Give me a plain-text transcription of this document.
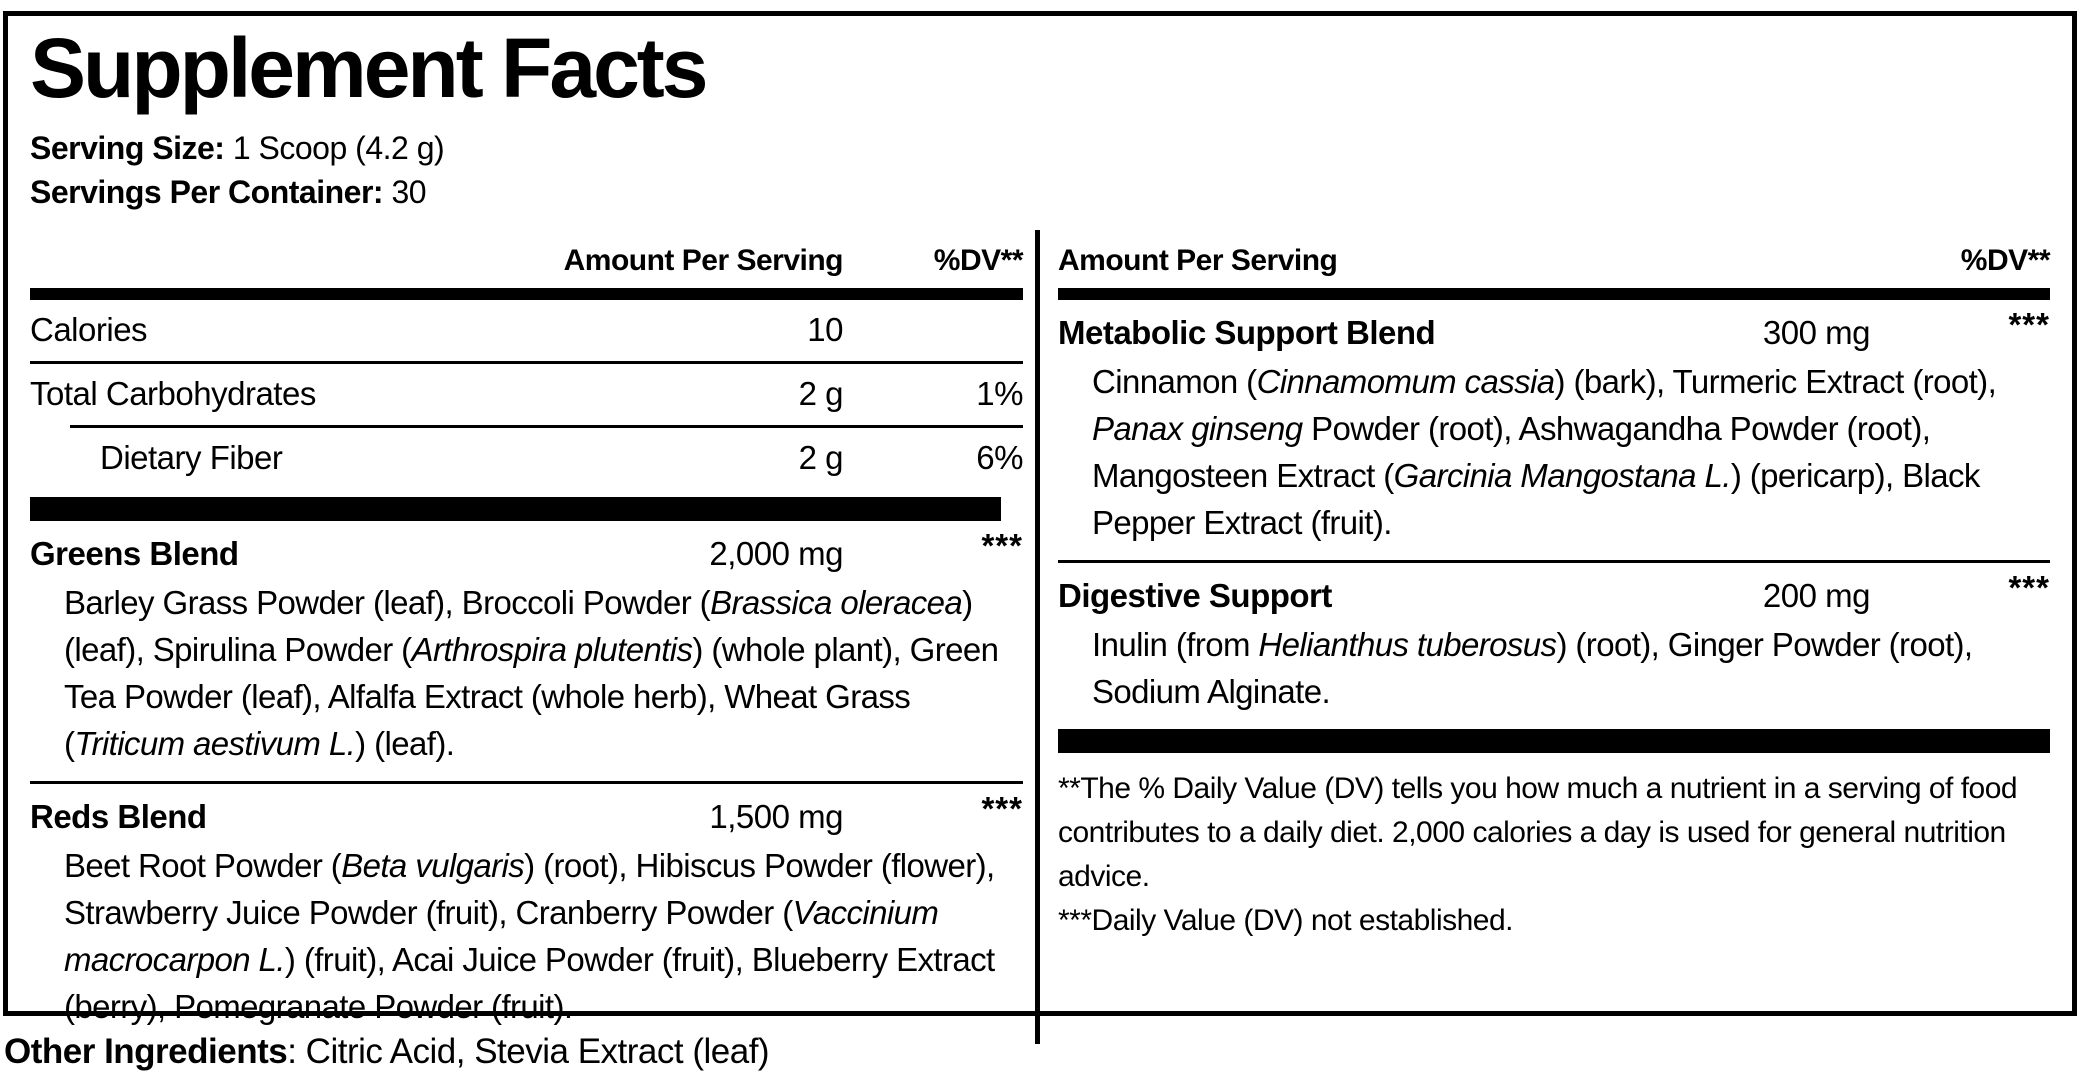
Supplement Facts
Serving Size: 1 Scoop (4.2 g)
Servings Per Container: 30
Amount Per Serving	%DV**
Calories	10
Total Carbohydrates	2 g	1%
Dietary Fiber	2 g	6%
Greens Blend	2,000 mg	***
Barley Grass Powder (leaf), Broccoli Powder (Brassica oleracea) (leaf), Spirulina Powder (Arthrospira plutentis) (whole plant), Green Tea Powder (leaf), Alfalfa Extract (whole herb), Wheat Grass (Triticum aestivum L.) (leaf).
Reds Blend	1,500 mg	***
Beet Root Powder (Beta vulgaris) (root), Hibiscus Powder (flower), Strawberry Juice Powder (fruit), Cranberry Powder (Vaccinium macrocarpon L.) (fruit), Acai Juice Powder (fruit), Blueberry Extract (berry), Pomegranate Powder (fruit).
Amount Per Serving	%DV**
Metabolic Support Blend	300 mg	***
Cinnamon (Cinnamomum cassia) (bark), Turmeric Extract (root), Panax ginseng Powder (root), Ashwagandha Powder (root), Mangosteen Extract (Garcinia Mangostana L.) (pericarp), Black Pepper Extract (fruit).
Digestive Support	200 mg	***
Inulin (from Helianthus tuberosus) (root), Ginger Powder (root), Sodium Alginate.
**The % Daily Value (DV) tells you how much a nutrient in a serving of food contributes to a daily diet. 2,000 calories a day is used for general nutrition advice.
***Daily Value (DV) not established.
Other Ingredients: Citric Acid, Stevia Extract (leaf)
